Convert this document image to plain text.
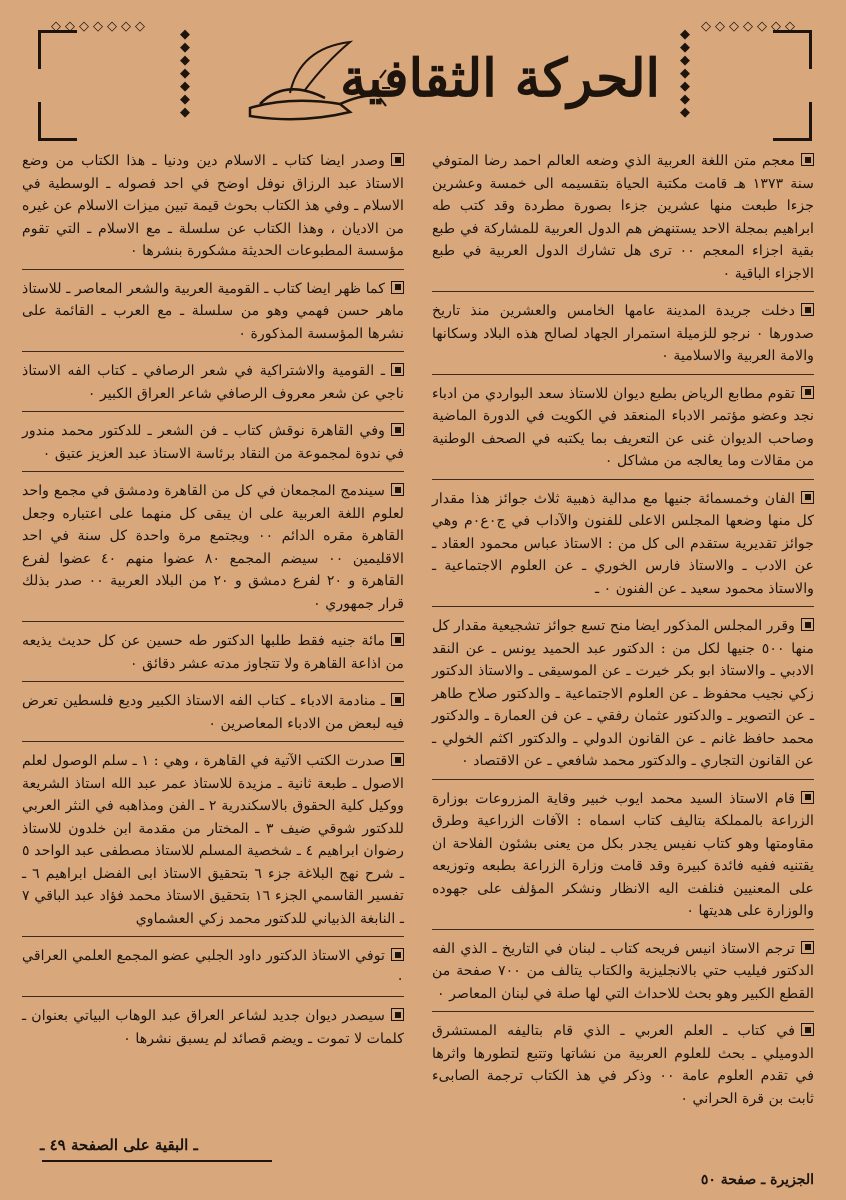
◆
◆
◆
◆
◆
◆
◆
◆
◆
◆
◆
◆
◆
◆
◇◇◇◇◇◇◇	◇◇◇◇◇◇◇
الحركة الثقافية
معجم متن اللغة العربية الذي وضعه العالم احمد رضا المتوفي سنة ١٣٧٣ هـ قامت مكتبة الحياة بتقسيمه الى خمسة وعشرين جزءا طبعت منها عشرين جزءا بصورة مطردة وقد كتب طه ابراهيم بمجلة الاحد يستنهض هم الدول العربية للمشاركة في طبع بقية اجزاء المعجم ٠٠ ترى هل تشارك الدول العربية في طبع الاجزاء الباقية ٠
دخلت جريدة المدينة عامها الخامس والعشرين منذ تاريخ صدورها ٠ نرجو للزميلة استمرار الجهاد لصالح هذه البلاد وسكانها والامة العربية والاسلامية ٠
تقوم مطابع الرياض بطبع ديوان للاستاذ سعد البواردي من ادباء نجد وعضو مؤتمر الادباء المنعقد في الكويت في الدورة الماضية وصاحب الديوان غنى عن التعريف بما يكتبه في الصحف الوطنية من مقالات وما يعالجه من مشاكل ٠
الفان وخمسمائة جنيها مع مدالية ذهبية ثلاث جوائز هذا مقدار كل منها وضعها المجلس الاعلى للفنون والآداب في ج٠ع٠م وهي جوائز تقديرية ستقدم الى كل من : الاستاذ عباس محمود العقاد ـ عن الادب ـ والاستاذ فارس الخوري ـ عن العلوم الاجتماعية ـ والاستاذ محمود سعيد ـ عن الفنون ٠ ـ
وقرر المجلس المذكور ايضا منح تسع جوائز تشجيعية مقدار كل منها ٥٠٠ جنيها لكل من : الدكتور عبد الحميد يونس ـ عن النقد الادبي ـ والاستاذ ابو بكر خيرت ـ عن الموسيقى ـ والاستاذ الدكتور زكي نجيب محفوظ ـ عن العلوم الاجتماعية ـ والدكتور صلاح طاهر ـ عن التصوير ـ والدكتور عثمان رفقي ـ عن فن العمارة ـ والدكتور محمد حافظ غانم ـ عن القانون الدولي ـ والدكتور اكثم الخولي ـ عن القانون التجاري ـ والدكتور محمد شافعي ـ عن الاقتصاد ٠
قام الاستاذ السيد محمد ايوب خبير وقاية المزروعات بوزارة الزراعة بالمملكة بتاليف كتاب اسماه : الآفات الزراعية وطرق مقاومتها وهو كتاب نفيس يجدر بكل من يعنى بشئون الفلاحة ان يقتنيه ففيه فائدة كبيرة وقد قامت وزارة الزراعة بطبعه وتوزيعه على المعنيين فنلفت اليه الانظار ونشكر المؤلف على جهوده والوزارة على هديتها ٠
ترجم الاستاذ انيس فريحه كتاب ـ لبنان في التاريخ ـ الذي الفه الدكتور فيليب حتي بالانجليزية والكتاب يتالف من ٧٠٠ صفحة من القطع الكبير وهو بحث للاحداث التي لها صلة في لبنان المعاصر ٠
في كتاب ـ العلم العربي ـ الذي قام بتاليفه المستشرق الدوميلي ـ بحث للعلوم العربية من نشاتها وتتبع لتطورها واثرها في تقدم العلوم عامة ٠٠ وذكر في هذ الكتاب ترجمة الصابىء ثابت بن قرة الحراني ٠
وصدر ايضا كتاب ـ الاسلام دين ودنيا ـ هذا الكتاب من وضع الاستاذ عبد الرزاق نوفل اوضح في احد فصوله ـ الوسطية في الاسلام ـ وفي هذ الكتاب بحوث قيمة تبين ميزات الاسلام عن غيره من الاديان ، وهذا الكتاب عن سلسلة ـ مع الاسلام ـ التي تقوم مؤسسة المطبوعات الحديثة مشكورة بنشرها ٠
كما ظهر ايضا كتاب ـ القومية العربية والشعر المعاصر ـ للاستاذ ماهر حسن فهمي وهو من سلسلة ـ مع العرب ـ القائمة على نشرها المؤسسة المذكورة ٠
ـ القومية والاشتراكية في شعر الرصافي ـ كتاب الفه الاستاذ ناجي عن شعر معروف الرصافي شاعر العراق الكبير ٠
وفي القاهرة نوقش كتاب ـ فن الشعر ـ للدكتور محمد مندور في ندوة لمجموعة من النقاد برئاسة الاستاذ عبد العزيز عتيق ٠
سيندمج المجمعان في كل من القاهرة ودمشق في مجمع واحد لعلوم اللغة العربية على ان يبقى كل منهما على اعتباره وجعل القاهرة مقره الدائم ٠٠ ويجتمع مرة واحدة كل سنة في احد الاقليمين ٠٠ سيضم المجمع ٨٠ عضوا منهم ٤٠ عضوا لفرع القاهرة و ٢٠ لفرع دمشق و ٢٠ من البلاد العربية ٠٠ صدر بذلك قرار جمهوري ٠
مائة جنيه فقط طلبها الدكتور طه حسين عن كل حديث يذيعه من اذاعة القاهرة ولا تتجاوز مدته عشر دقائق ٠
ـ منادمة الادباء ـ كتاب الفه الاستاذ الكبير وديع فلسطين تعرض فيه لبعض من الادباء المعاصرين ٠
صدرت الكتب الآتية في القاهرة ، وهي : ١ ـ سلم الوصول لعلم الاصول ـ طبعة ثانية ـ مزيدة للاستاذ عمر عبد الله استاذ الشريعة ووكيل كلية الحقوق بالاسكندرية ٢ ـ الفن ومذاهبه في النثر العربي للدكتور شوقي ضيف ٣ ـ المختار من مقدمة ابن خلدون للاستاذ رضوان ابراهيم ٤ ـ شخصية المسلم للاستاذ مصطفى عبد الواحد ٥ ـ شرح نهج البلاغة جزء ٦ بتحقيق الاستاذ ابى الفضل ابراهيم ٦ ـ تفسير القاسمي الجزء ١٦ بتحقيق الاستاذ محمد فؤاد عبد الباقي ٧ ـ النابغة الذبياني للدكتور محمد زكي العشماوي
توفي الاستاذ الدكتور داود الجلبي عضو المجمع العلمي العراقي ٠
سيصدر ديوان جديد لشاعر العراق عبد الوهاب البياتي بعنوان ـ كلمات لا تموت ـ ويضم قصائد لم يسبق نشرها ٠
ـ البقية على الصفحة ٤٩ ـ
الجزيرة ـ صفحة ٥٠
